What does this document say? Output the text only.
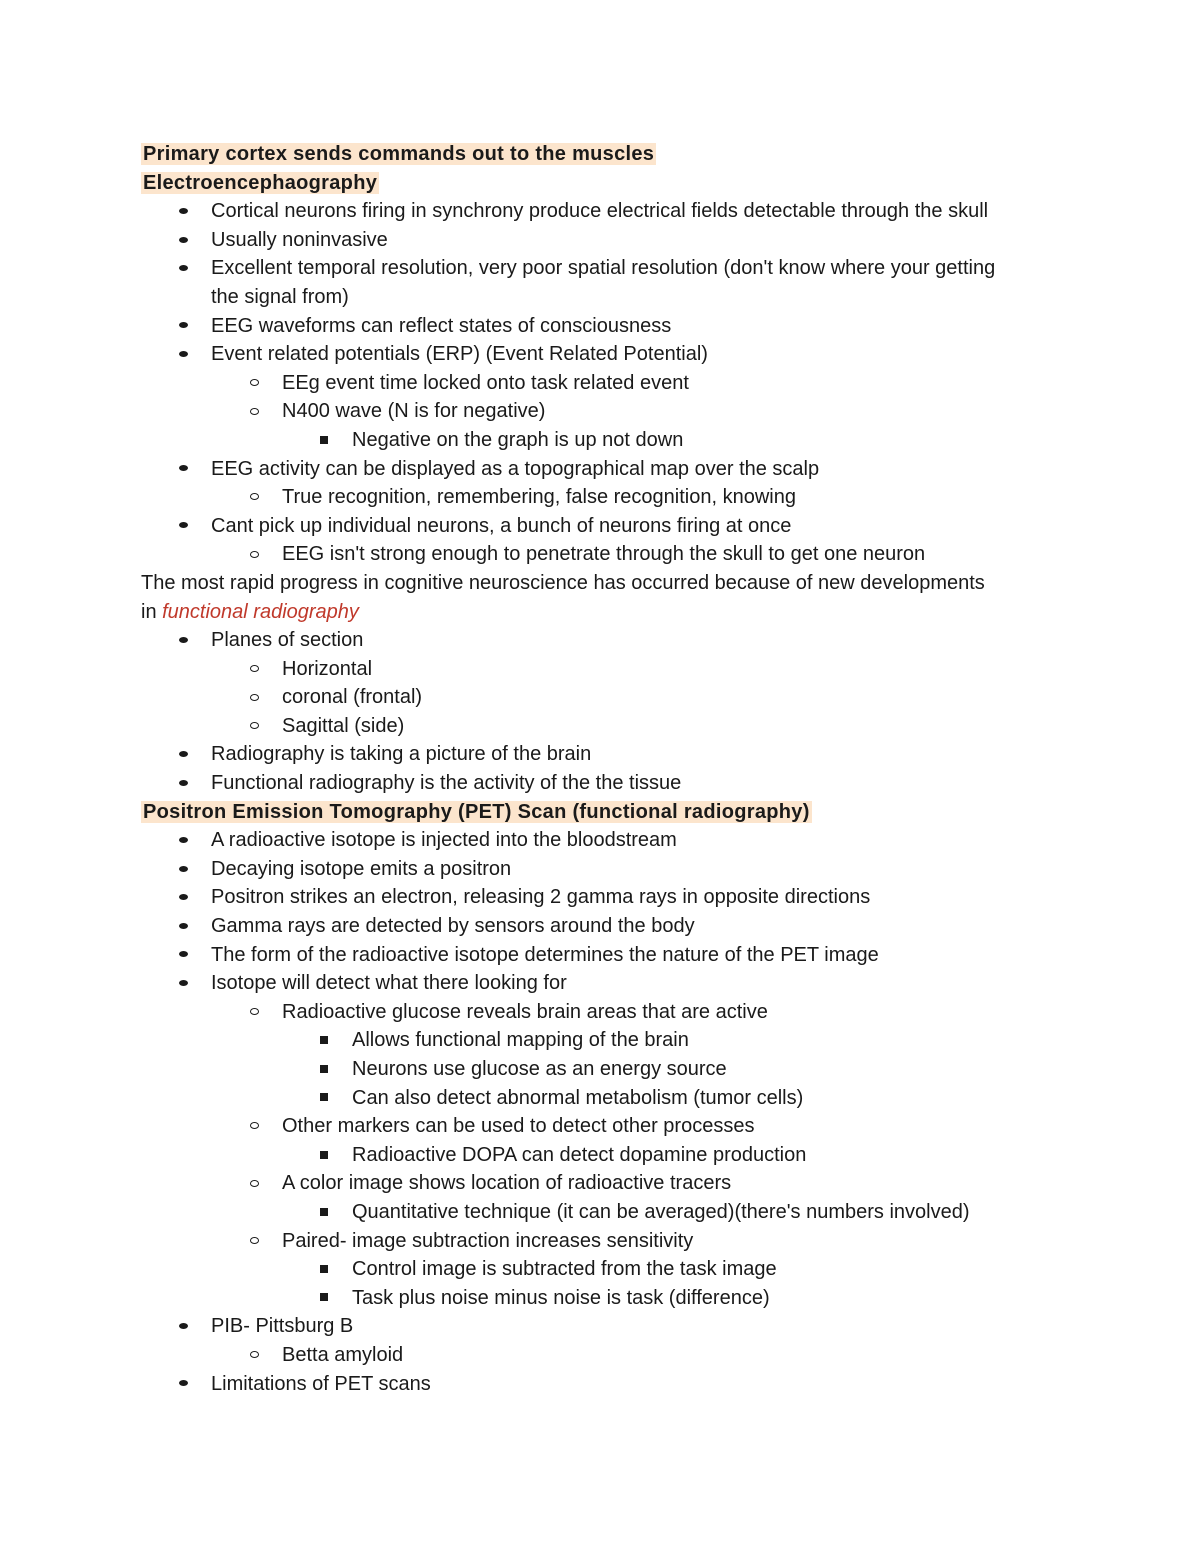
Primary cortex sends commands out to the muscles
Electroencephaography
Cortical neurons firing in synchrony produce electrical fields detectable through the skull
Usually noninvasive
Excellent temporal resolution, very poor spatial resolution (don't know where your getting
the signal from)
EEG waveforms can reflect states of consciousness
Event related potentials (ERP) (Event Related Potential)
EEg event time locked onto task related event
N400 wave (N is for negative)
Negative on the graph is up not down
EEG activity can be displayed as a topographical map over the scalp
True recognition, remembering, false recognition, knowing
Cant pick up individual neurons, a bunch of neurons firing at once
EEG isn't strong enough to penetrate through the skull to get one neuron
The most rapid progress in cognitive neuroscience has occurred because of new developments
in functional radiography
Planes of section
Horizontal
coronal (frontal)
Sagittal (side)
Radiography is taking a picture of the brain
Functional radiography is the activity of the the tissue
Positron Emission Tomography (PET) Scan (functional radiography)
A radioactive isotope is injected into the bloodstream
Decaying isotope emits a positron
Positron strikes an electron, releasing 2 gamma rays in opposite directions
Gamma rays are detected by sensors around the body
The form of the radioactive isotope determines the nature of the PET image
Isotope will detect what there looking for
Radioactive glucose reveals brain areas that are active
Allows functional mapping of the brain
Neurons use glucose as an energy source
Can also detect abnormal metabolism (tumor cells)
Other markers can be used to detect other processes
Radioactive DOPA can detect dopamine production
A color image shows location of radioactive tracers
Quantitative technique (it can be averaged)(there's numbers involved)
Paired- image subtraction increases sensitivity
Control image is subtracted from the task image
Task plus noise minus noise is task (difference)
PIB- Pittsburg B
Betta amyloid
Limitations of PET scans
